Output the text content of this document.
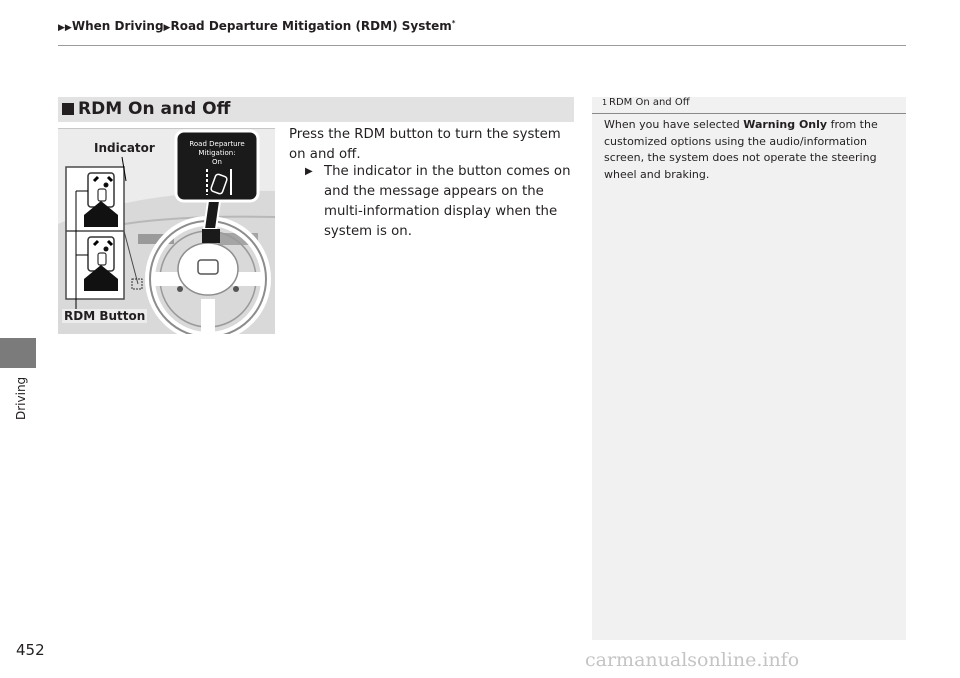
▶▶When Driving▶Road Departure Mitigation (RDM) System*
Driving
452
RDM On and Off
Road Departure
Mitigation:
On
Indicator
RDM Button
Press the RDM button to turn the system on and off.
▶ The indicator in the button comes on and the message appears on the multi-information display when the system is on.
1 RDM On and Off
When you have selected Warning Only from the customized options using the audio/information screen, the system does not operate the steering wheel and braking.
carmanualsonline.info
